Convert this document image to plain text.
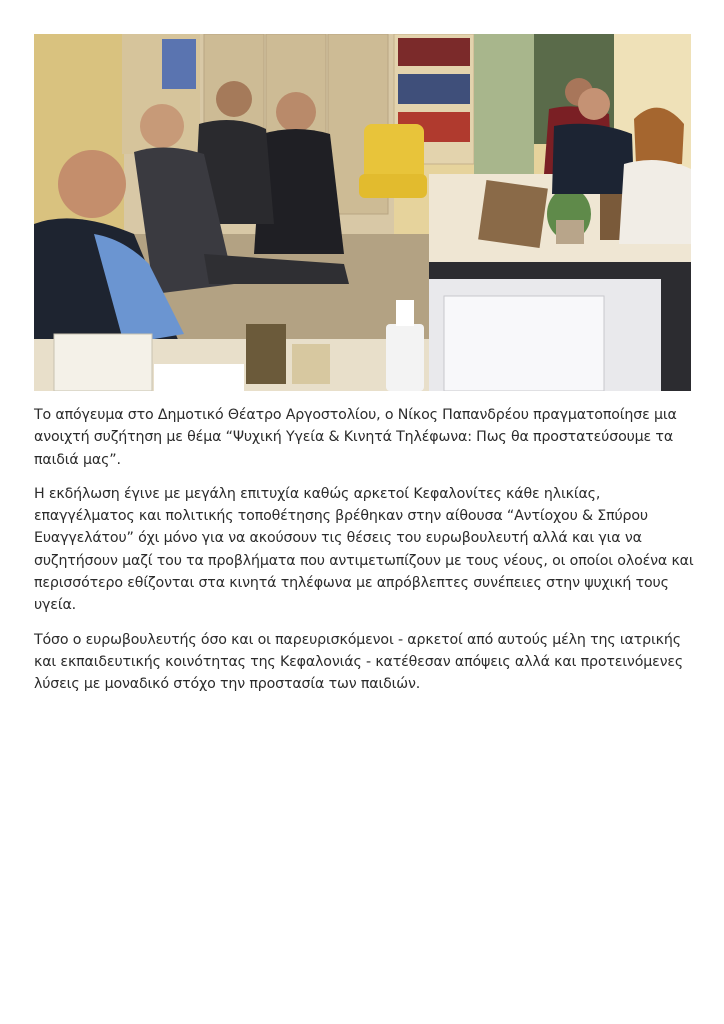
Το απόγευμα στο Δημοτικό Θέατρο Αργοστολίου, ο Νίκος Παπανδρέου πραγματοποίησε μια ανοιχτή συζήτηση με θέμα “Ψυχική Υγεία & Κινητά Τηλέφωνα: Πως θα προστατεύσουμε τα παιδιά μας”.

Η εκδήλωση έγινε με μεγάλη επιτυχία καθώς αρκετοί Κεφαλονίτες κάθε ηλικίας, επαγγέλματος και πολιτικής τοποθέτησης βρέθηκαν στην αίθουσα “Αντίοχου & Σπύρου Ευαγγελάτου” όχι μόνο για να ακούσουν τις θέσεις του ευρωβουλευτή αλλά και για να συζητήσουν μαζί του τα προβλήματα που αντιμετωπίζουν με τους νέους, οι οποίοι ολοένα και περισσότερο εθίζονται στα κινητά τηλέφωνα με απρόβλεπτες συνέπειες στην ψυχική τους υγεία.

Τόσο ο ευρωβουλευτής όσο και οι παρευρισκόμενοι - αρκετοί από αυτούς μέλη της ιατρικής και εκπαιδευτικής κοινότητας της Κεφαλονιάς - κατέθεσαν απόψεις αλλά και προτεινόμενες λύσεις με μοναδικό στόχο την προστασία των παιδιών.
